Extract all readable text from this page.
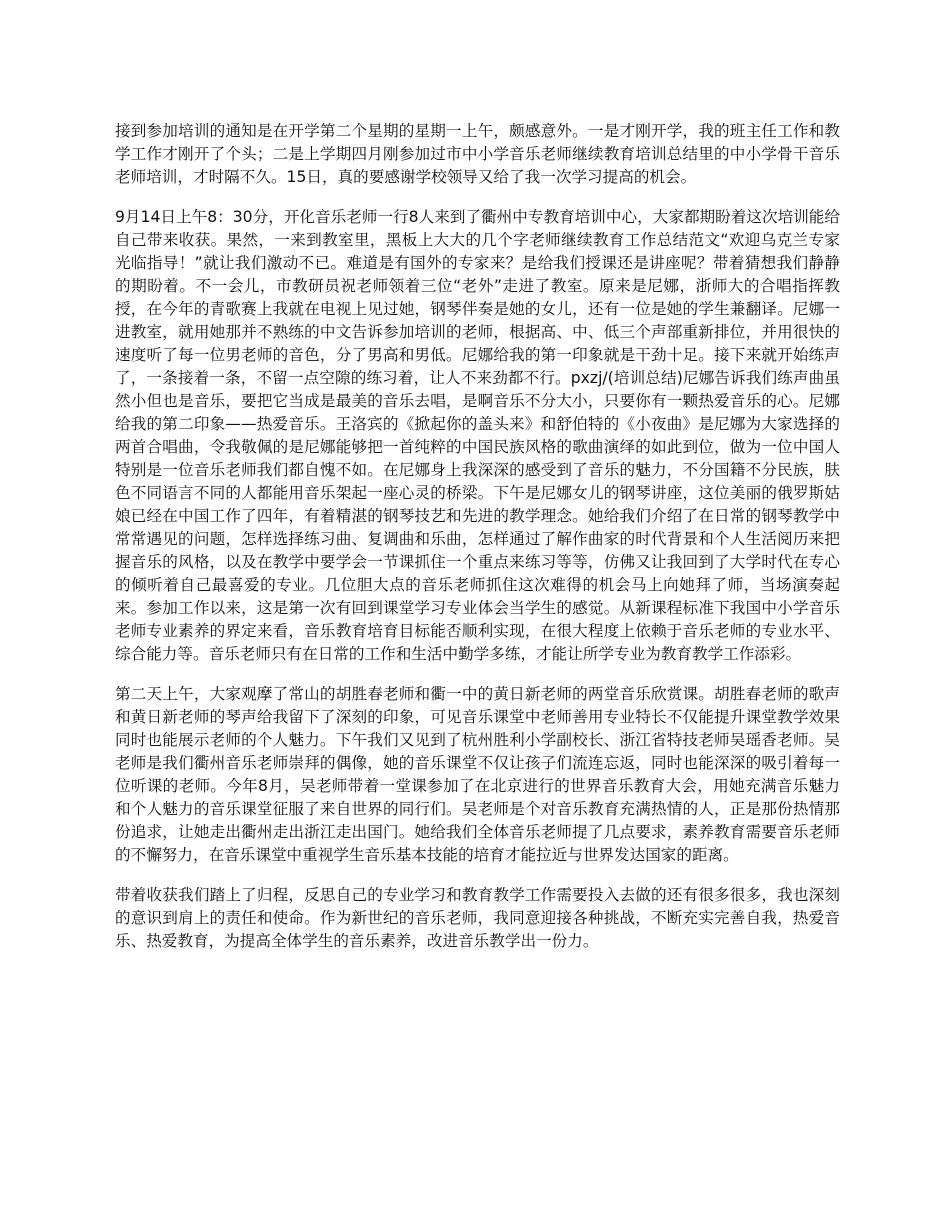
接到参加培训的通知是在开学第二个星期的星期一上午，颇感意外。一是才刚开学，我的班主任工作和教学工作才刚开了个头；二是上学期四月刚参加过市中小学音乐老师继续教育培训总结里的中小学骨干音乐老师培训，才时隔不久。15日，真的要感谢学校领导又给了我一次学习提高的机会。

9月14日上午8：30分，开化音乐老师一行8人来到了衢州中专教育培训中心，大家都期盼着这次培训能给自己带来收获。果然，一来到教室里，黑板上大大的几个字老师继续教育工作总结范文“欢迎乌克兰专家光临指导！”就让我们激动不已。难道是有国外的专家来？是给我们授课还是讲座呢？带着猜想我们静静的期盼着。不一会儿，市教研员祝老师领着三位“老外”走进了教室。原来是尼娜，浙师大的合唱指挥教授，在今年的青歌赛上我就在电视上见过她，钢琴伴奏是她的女儿，还有一位是她的学生兼翻译。尼娜一进教室，就用她那并不熟练的中文告诉参加培训的老师，根据高、中、低三个声部重新排位，并用很快的速度听了每一位男老师的音色，分了男高和男低。尼娜给我的第一印象就是干劲十足。接下来就开始练声了，一条接着一条，不留一点空隙的练习着，让人不来劲都不行。pxzj/(培训总结)尼娜告诉我们练声曲虽然小但也是音乐，要把它当成是最美的音乐去唱，是啊音乐不分大小，只要你有一颗热爱音乐的心。尼娜给我的第二印象——热爱音乐。王洛宾的《掀起你的盖头来》和舒伯特的《小夜曲》是尼娜为大家选择的两首合唱曲，令我敬佩的是尼娜能够把一首纯粹的中国民族风格的歌曲演绎的如此到位，做为一位中国人特别是一位音乐老师我们都自愧不如。在尼娜身上我深深的感受到了音乐的魅力，不分国籍不分民族，肤色不同语言不同的人都能用音乐架起一座心灵的桥梁。下午是尼娜女儿的钢琴讲座，这位美丽的俄罗斯姑娘已经在中国工作了四年，有着精湛的钢琴技艺和先进的教学理念。她给我们介绍了在日常的钢琴教学中常常遇见的问题，怎样选择练习曲、复调曲和乐曲，怎样通过了解作曲家的时代背景和个人生活阅历来把握音乐的风格，以及在教学中要学会一节课抓住一个重点来练习等等，仿佛又让我回到了大学时代在专心的倾听着自己最喜爱的专业。几位胆大点的音乐老师抓住这次难得的机会马上向她拜了师，当场演奏起来。参加工作以来，这是第一次有回到课堂学习专业体会当学生的感觉。从新课程标准下我国中小学音乐老师专业素养的界定来看，音乐教育培育目标能否顺利实现，在很大程度上依赖于音乐老师的专业水平、综合能力等。音乐老师只有在日常的工作和生活中勤学多练，才能让所学专业为教育教学工作添彩。

第二天上午，大家观摩了常山的胡胜春老师和衢一中的黄日新老师的两堂音乐欣赏课。胡胜春老师的歌声和黄日新老师的琴声给我留下了深刻的印象，可见音乐课堂中老师善用专业特长不仅能提升课堂教学效果同时也能展示老师的个人魅力。下午我们又见到了杭州胜利小学副校长、浙江省特技老师吴瑶香老师。吴老师是我们衢州音乐老师崇拜的偶像，她的音乐课堂不仅让孩子们流连忘返，同时也能深深的吸引着每一位听课的老师。今年8月，吴老师带着一堂课参加了在北京进行的世界音乐教育大会，用她充满音乐魅力和个人魅力的音乐课堂征服了来自世界的同行们。吴老师是个对音乐教育充满热情的人，正是那份热情那份追求，让她走出衢州走出浙江走出国门。她给我们全体音乐老师提了几点要求，素养教育需要音乐老师的不懈努力，在音乐课堂中重视学生音乐基本技能的培育才能拉近与世界发达国家的距离。

带着收获我们踏上了归程，反思自己的专业学习和教育教学工作需要投入去做的还有很多很多，我也深刻的意识到肩上的责任和使命。作为新世纪的音乐老师，我同意迎接各种挑战，不断充实完善自我，热爱音乐、热爱教育，为提高全体学生的音乐素养，改进音乐教学出一份力。
